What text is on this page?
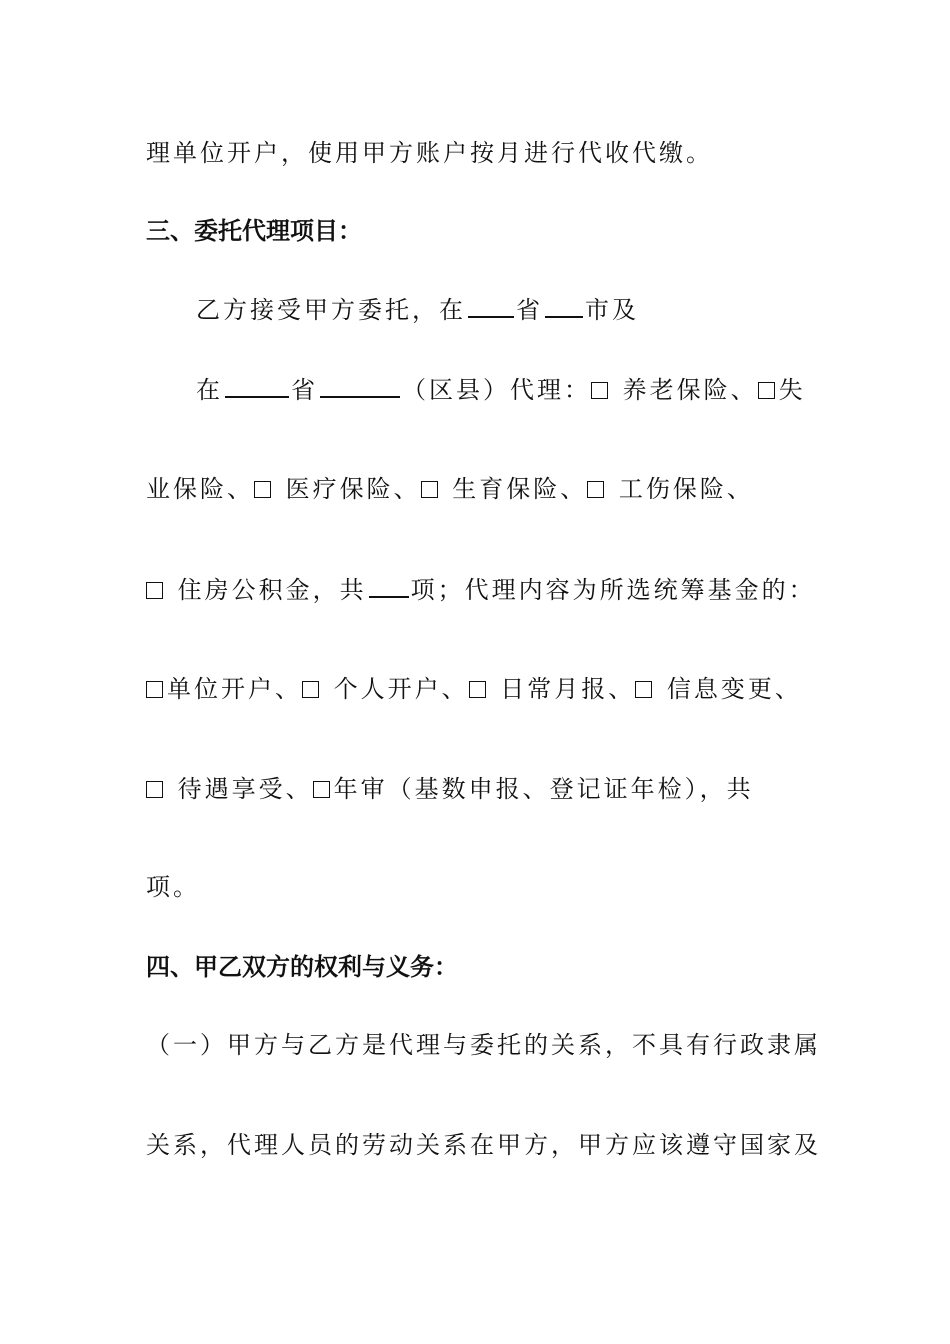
理单位开户，使用甲方账户按月进行代收代缴。
三、委托代理项目：
乙方接受甲方委托，在 省 市及
在	省	（区县）代理： 养老保险、 失
业保险、 医疗保险、 生育保险、 工伤保险、
住房公积金，共 项；代理内容为所选统筹基金的：
单位开户、 个人开户、 日常月报、 信息变更、
待遇享受、 年审（基数申报、登记证年检），共
项。
四、甲乙双方的权利与义务：
（一）甲方与乙方是代理与委托的关系，不具有行政隶属
关系，代理人员的劳动关系在甲方，甲方应该遵守国家及
